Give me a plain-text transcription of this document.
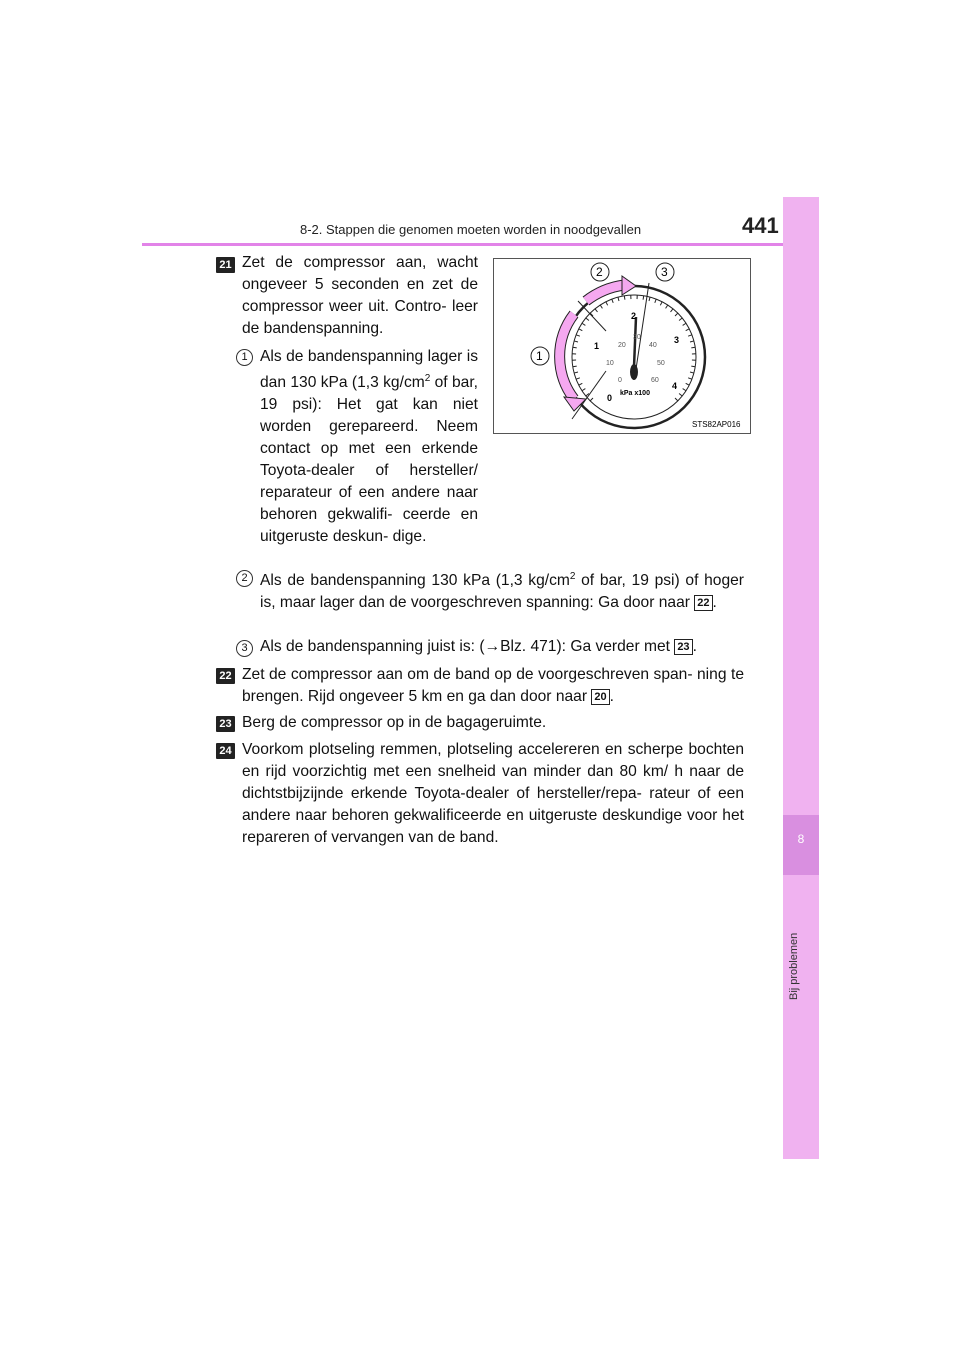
8-2. Stappen die genomen moeten worden in noodgevallen	441
8
Bij problemen
21 Zet de compressor aan, wacht ongeveer 5 seconden en zet de compressor weer uit. Contro- leer de bandenspanning.
1 Als de bandenspanning lager is dan 130 kPa (1,3 $kg/cm^2$ of bar, 19 psi): Het gat kan niet worden gerepareerd. Neem contact op met een erkende Toyota-dealer of hersteller/ reparateur of een andere naar behoren gekwalifi- ceerde en uitgeruste deskun- dige.
0
1
2
3
4
0
10
20
30
40
50
60
kPa x100
1
2	3
STS82AP016
2 Als de bandenspanning 130 kPa (1,3 $kg/cm^2$ of bar, 19 psi) of hoger is, maar lager dan de voorgeschreven spanning: Ga door naar 22 .
3 Als de bandenspanning juist is: (→Blz. 471): Ga verder met 23 .
22 Zet de compressor aan om de band op de voorgeschreven span- ning te brengen. Rijd ongeveer 5 km en ga dan door naar 20 .
23 Berg de compressor op in de bagageruimte.
24 Voorkom plotseling remmen, plotseling accelereren en scherpe bochten en rijd voorzichtig met een snelheid van minder dan 80 km/ h naar de dichtstbijzijnde erkende Toyota-dealer of hersteller/repa- rateur of een andere naar behoren gekwalificeerde en uitgeruste deskundige voor het repareren of vervangen van de band.
